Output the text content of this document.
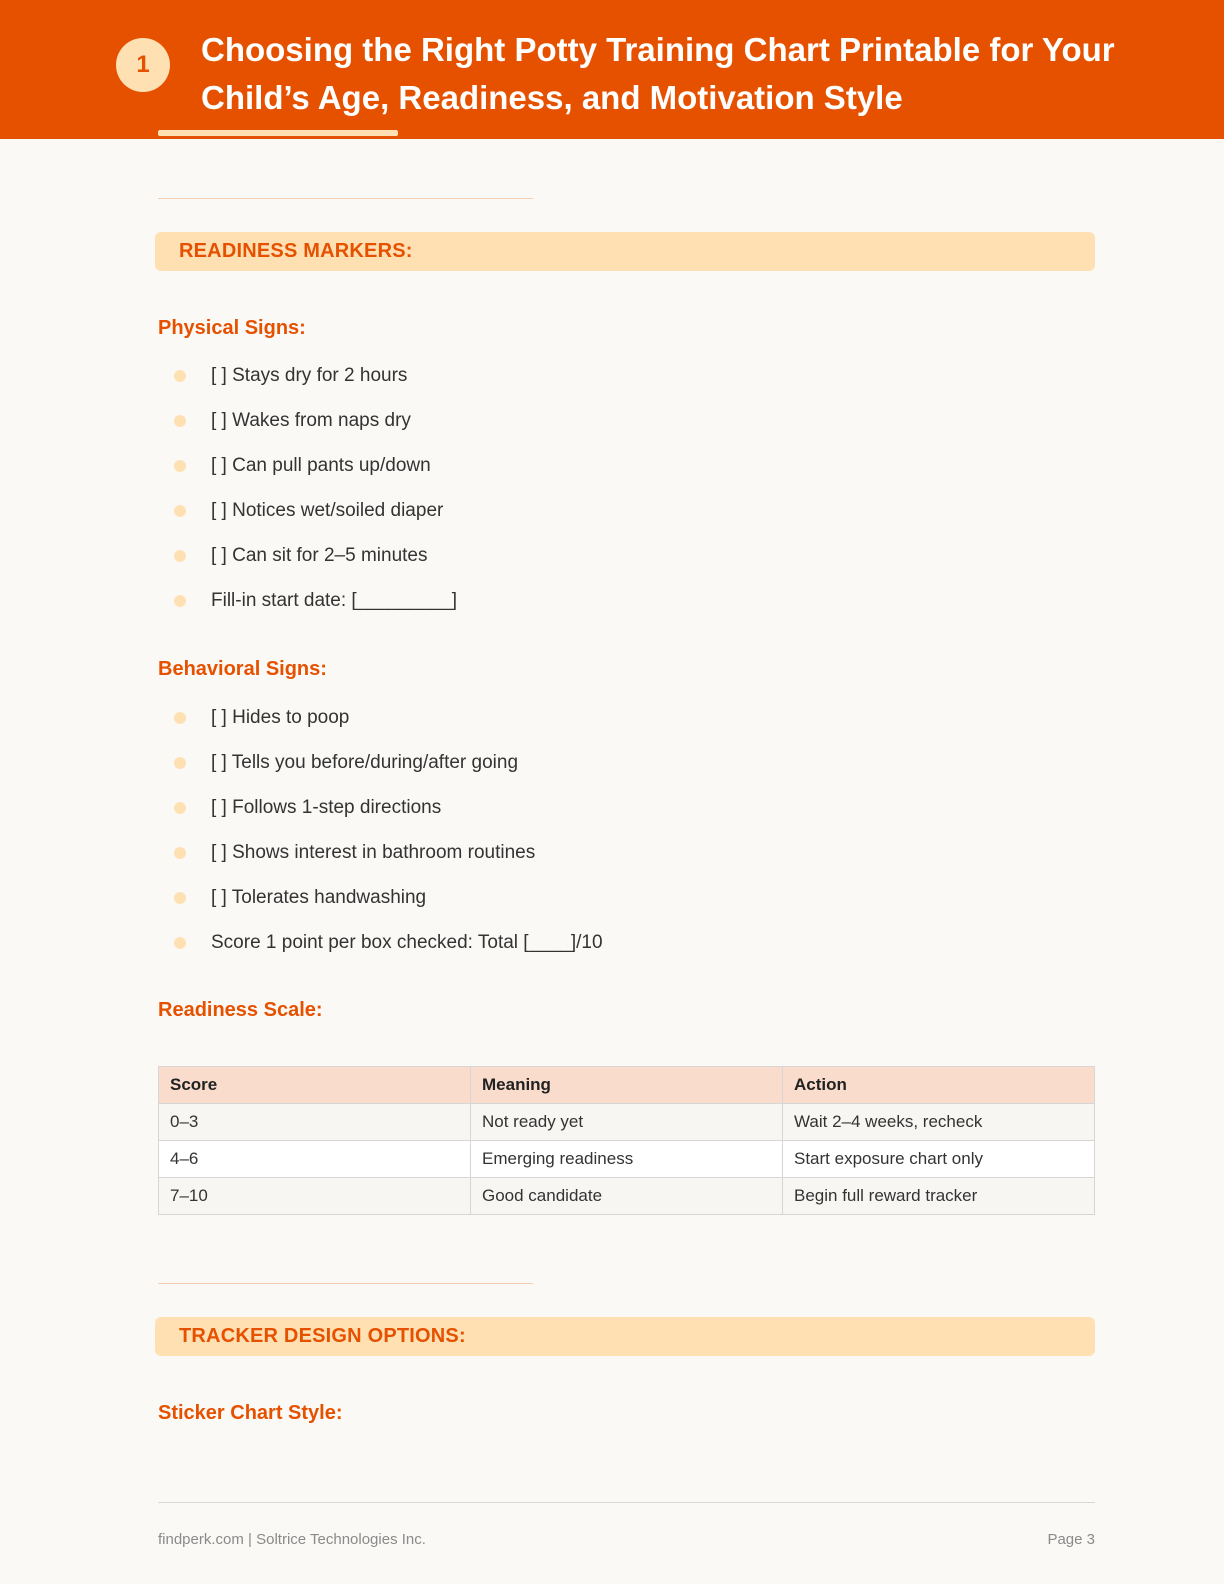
1	Choosing the Right Potty Training Chart Printable for Your Child’s Age, Readiness, and Motivation Style
READINESS MARKERS:
Physical Signs:
[ ] Stays dry for 2 hours
[ ] Wakes from naps dry
[ ] Can pull pants up/down
[ ] Notices wet/soiled diaper
[ ] Can sit for 2–5 minutes
Fill-in start date: [_________]
Behavioral Signs:
[ ] Hides to poop
[ ] Tells you before/during/after going
[ ] Follows 1-step directions
[ ] Shows interest in bathroom routines
[ ] Tolerates handwashing
Score 1 point per box checked: Total [____]/10
Readiness Scale:
Score	Meaning	Action
0–3	Not ready yet	Wait 2–4 weeks, recheck
4–6	Emerging readiness	Start exposure chart only
7–10	Good candidate	Begin full reward tracker
TRACKER DESIGN OPTIONS:
Sticker Chart Style:
findperk.com | Soltrice Technologies Inc.	Page 3
